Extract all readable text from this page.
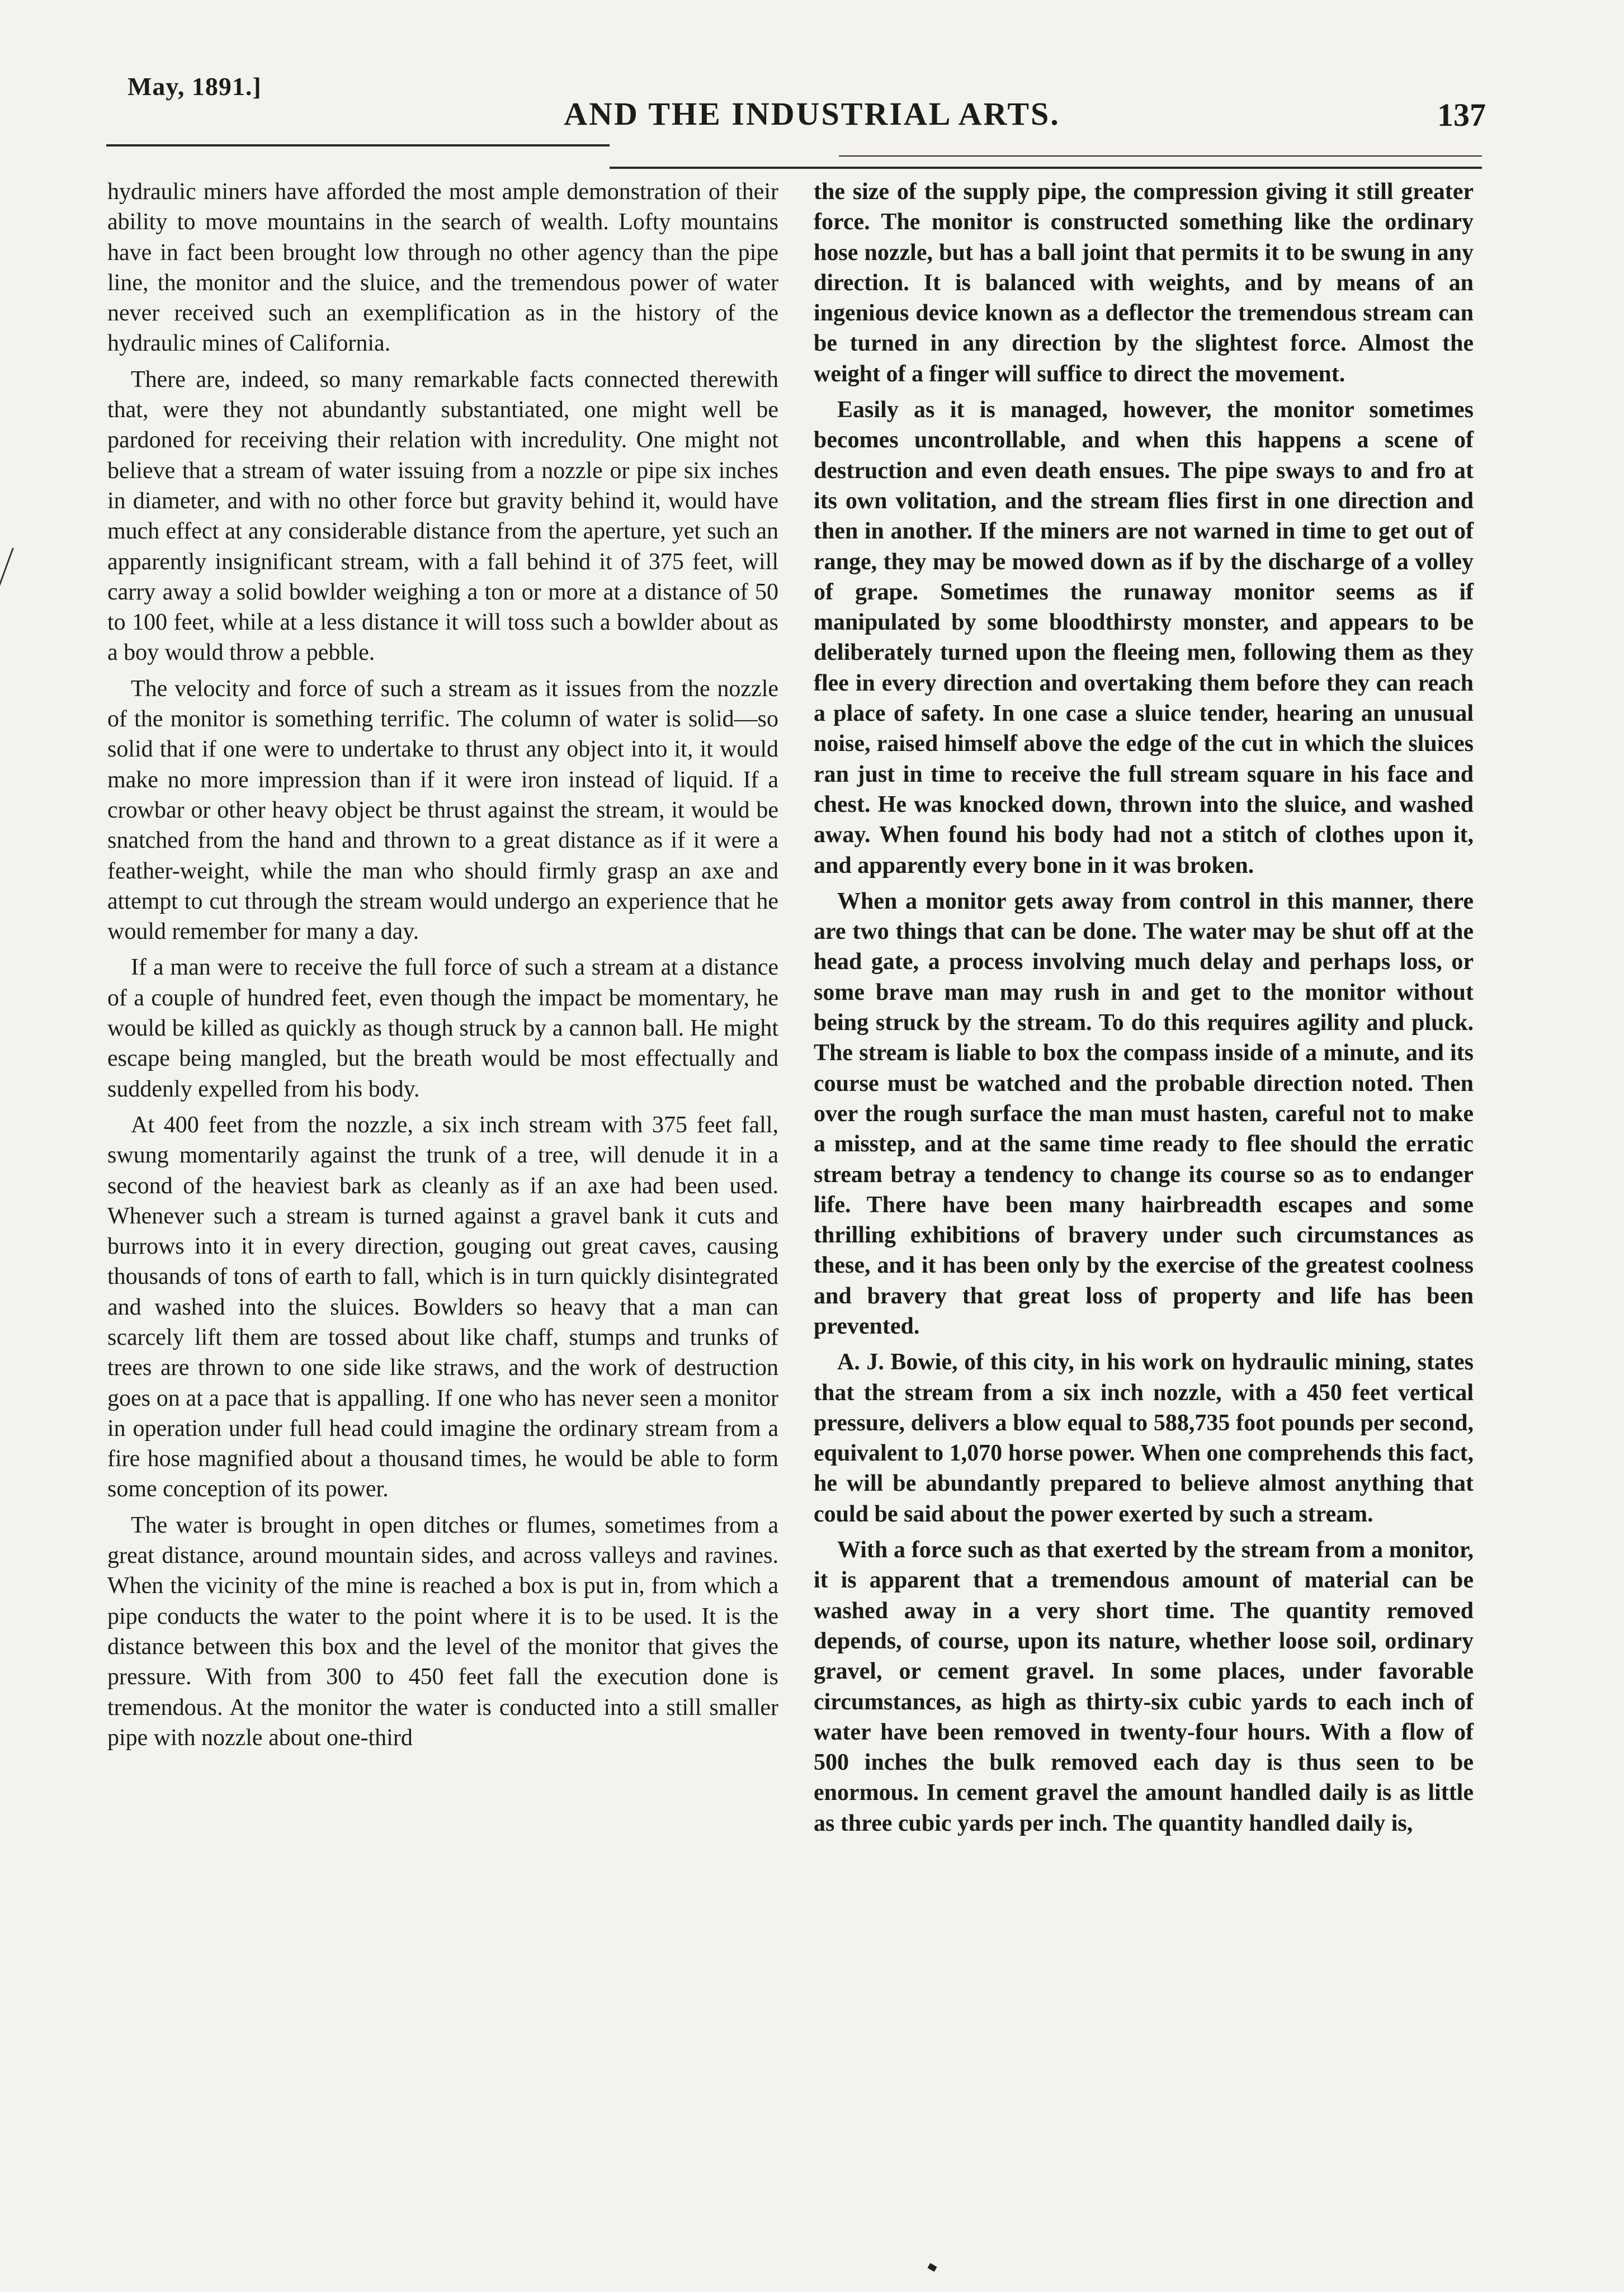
May, 1891.]
AND THE INDUSTRIAL ARTS.	137

hydraulic miners have afforded the most ample demonstration of their ability to move mountains in the search of wealth. Lofty mountains have in fact been brought low through no other agency than the pipe line, the monitor and the sluice, and the tremendous power of water never received such an exemplification as in the history of the hydraulic mines of California.

There are, indeed, so many remarkable facts connected therewith that, were they not abundantly substantiated, one might well be pardoned for receiving their relation with incredulity. One might not believe that a stream of water issuing from a nozzle or pipe six inches in diameter, and with no other force but gravity behind it, would have much effect at any considerable distance from the aperture, yet such an apparently insignificant stream, with a fall behind it of 375 feet, will carry away a solid bowlder weighing a ton or more at a distance of 50 to 100 feet, while at a less distance it will toss such a bowlder about as a boy would throw a pebble.

The velocity and force of such a stream as it issues from the nozzle of the monitor is something terrific. The column of water is solid—so solid that if one were to undertake to thrust any object into it, it would make no more impression than if it were iron instead of liquid. If a crowbar or other heavy object be thrust against the stream, it would be snatched from the hand and thrown to a great distance as if it were a feather-weight, while the man who should firmly grasp an axe and attempt to cut through the stream would undergo an experience that he would remember for many a day.

If a man were to receive the full force of such a stream at a distance of a couple of hundred feet, even though the impact be momentary, he would be killed as quickly as though struck by a cannon ball. He might escape being mangled, but the breath would be most effectually and suddenly expelled from his body.

At 400 feet from the nozzle, a six inch stream with 375 feet fall, swung momentarily against the trunk of a tree, will denude it in a second of the heaviest bark as cleanly as if an axe had been used. Whenever such a stream is turned against a gravel bank it cuts and burrows into it in every direction, gouging out great caves, causing thousands of tons of earth to fall, which is in turn quickly disintegrated and washed into the sluices. Bowlders so heavy that a man can scarcely lift them are tossed about like chaff, stumps and trunks of trees are thrown to one side like straws, and the work of destruction goes on at a pace that is appalling. If one who has never seen a monitor in operation under full head could imagine the ordinary stream from a fire hose magnified about a thousand times, he would be able to form some conception of its power.

The water is brought in open ditches or flumes, sometimes from a great distance, around mountain sides, and across valleys and ravines. When the vicinity of the mine is reached a box is put in, from which a pipe conducts the water to the point where it is to be used. It is the distance between this box and the level of the monitor that gives the pressure. With from 300 to 450 feet fall the execution done is tremendous. At the monitor the water is conducted into a still smaller pipe with nozzle about one-third

the size of the supply pipe, the compression giving it still greater force. The monitor is constructed something like the ordinary hose nozzle, but has a ball joint that permits it to be swung in any direction. It is balanced with weights, and by means of an ingenious device known as a deflector the tremendous stream can be turned in any direction by the slightest force. Almost the weight of a finger will suffice to direct the movement.

Easily as it is managed, however, the monitor sometimes becomes uncontrollable, and when this happens a scene of destruction and even death ensues. The pipe sways to and fro at its own volitation, and the stream flies first in one direction and then in another. If the miners are not warned in time to get out of range, they may be mowed down as if by the discharge of a volley of grape. Sometimes the runaway monitor seems as if manipulated by some bloodthirsty monster, and appears to be deliberately turned upon the fleeing men, following them as they flee in every direction and overtaking them before they can reach a place of safety. In one case a sluice tender, hearing an unusual noise, raised himself above the edge of the cut in which the sluices ran just in time to receive the full stream square in his face and chest. He was knocked down, thrown into the sluice, and washed away. When found his body had not a stitch of clothes upon it, and apparently every bone in it was broken.

When a monitor gets away from control in this manner, there are two things that can be done. The water may be shut off at the head gate, a process involving much delay and perhaps loss, or some brave man may rush in and get to the monitor without being struck by the stream. To do this requires agility and pluck. The stream is liable to box the compass inside of a minute, and its course must be watched and the probable direction noted. Then over the rough surface the man must hasten, careful not to make a misstep, and at the same time ready to flee should the erratic stream betray a tendency to change its course so as to endanger life. There have been many hairbreadth escapes and some thrilling exhibitions of bravery under such circumstances as these, and it has been only by the exercise of the greatest coolness and bravery that great loss of property and life has been prevented.

A. J. Bowie, of this city, in his work on hydraulic mining, states that the stream from a six inch nozzle, with a 450 feet vertical pressure, delivers a blow equal to 588,735 foot pounds per second, equivalent to 1,070 horse power. When one comprehends this fact, he will be abundantly prepared to believe almost anything that could be said about the power exerted by such a stream.

With a force such as that exerted by the stream from a monitor, it is apparent that a tremendous amount of material can be washed away in a very short time. The quantity removed depends, of course, upon its nature, whether loose soil, ordinary gravel, or cement gravel. In some places, under favorable circumstances, as high as thirty-six cubic yards to each inch of water have been removed in twenty-four hours. With a flow of 500 inches the bulk removed each day is thus seen to be enormous. In cement gravel the amount handled daily is as little as three cubic yards per inch. The quantity handled daily is,
